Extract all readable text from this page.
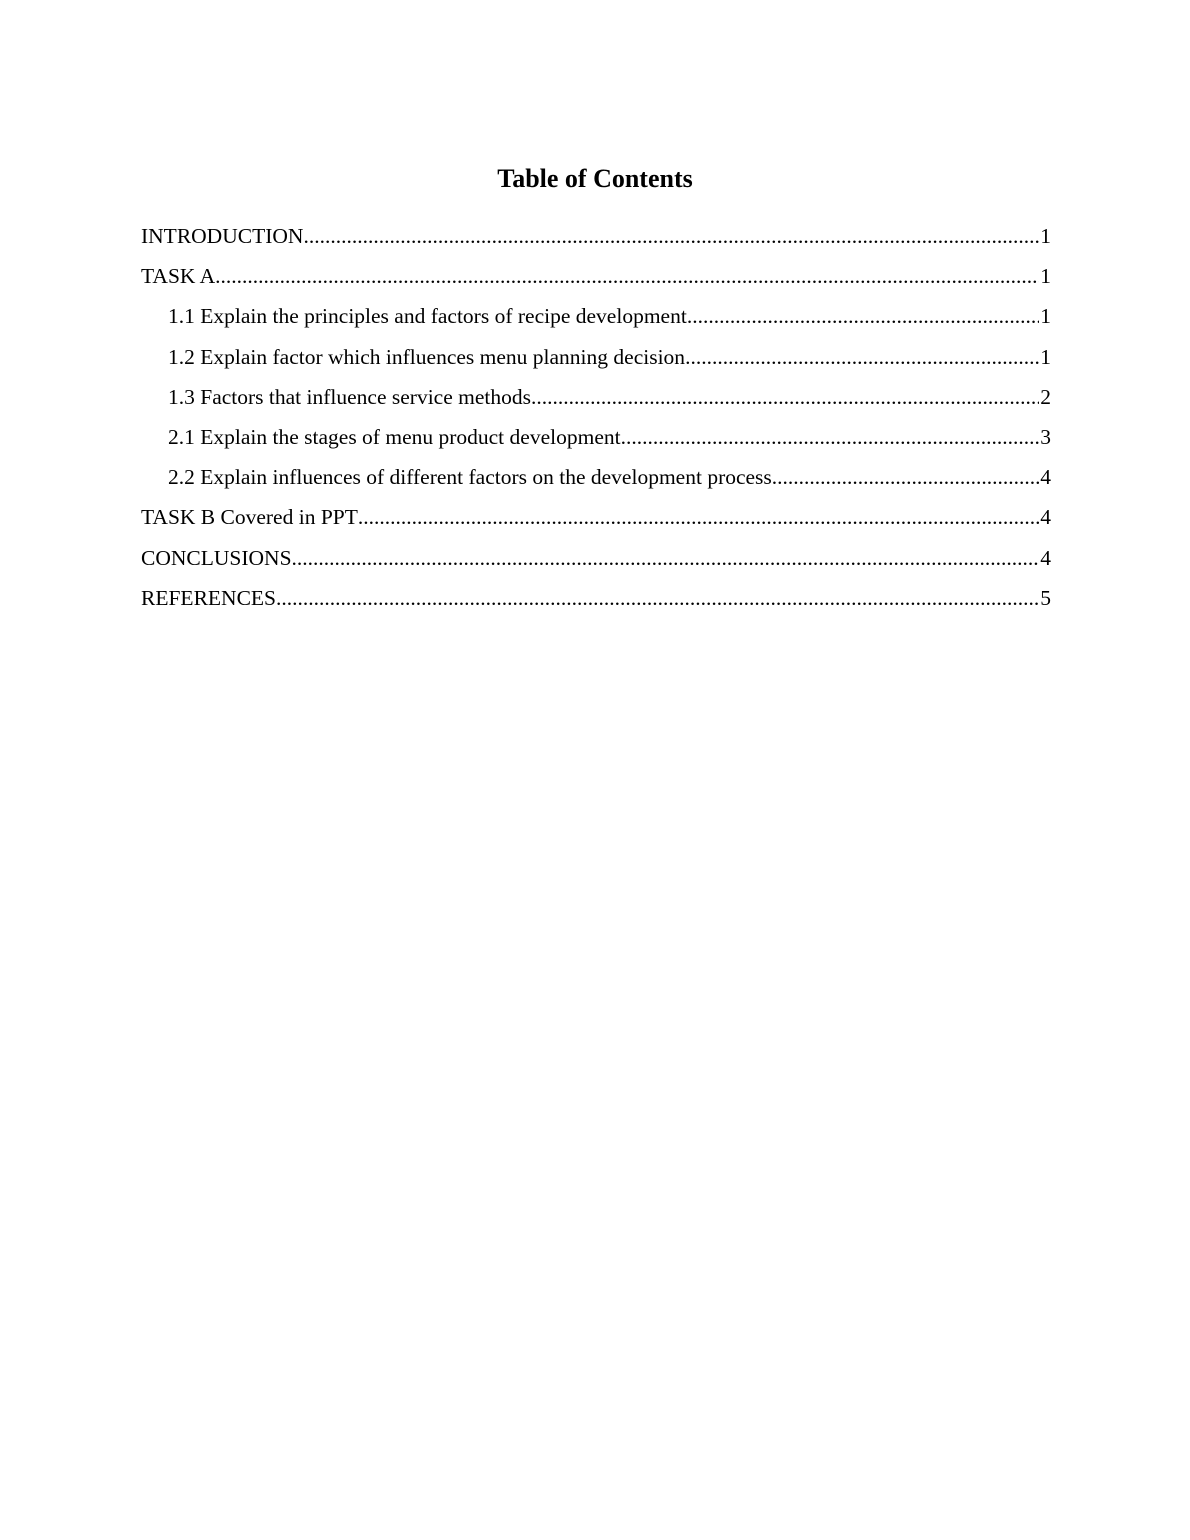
Table of Contents
INTRODUCTION .....	1
TASK A .....	1
1.1 Explain the principles and factors of recipe development .....	1
1.2 Explain factor which influences menu planning decision .....	1
1.3 Factors that influence service methods .....	2
2.1 Explain the stages of menu product development .....	3
2.2 Explain influences of different factors on the development process .....	4
TASK B Covered in PPT .....	4
CONCLUSIONS .....	4
REFERENCES .....	5
